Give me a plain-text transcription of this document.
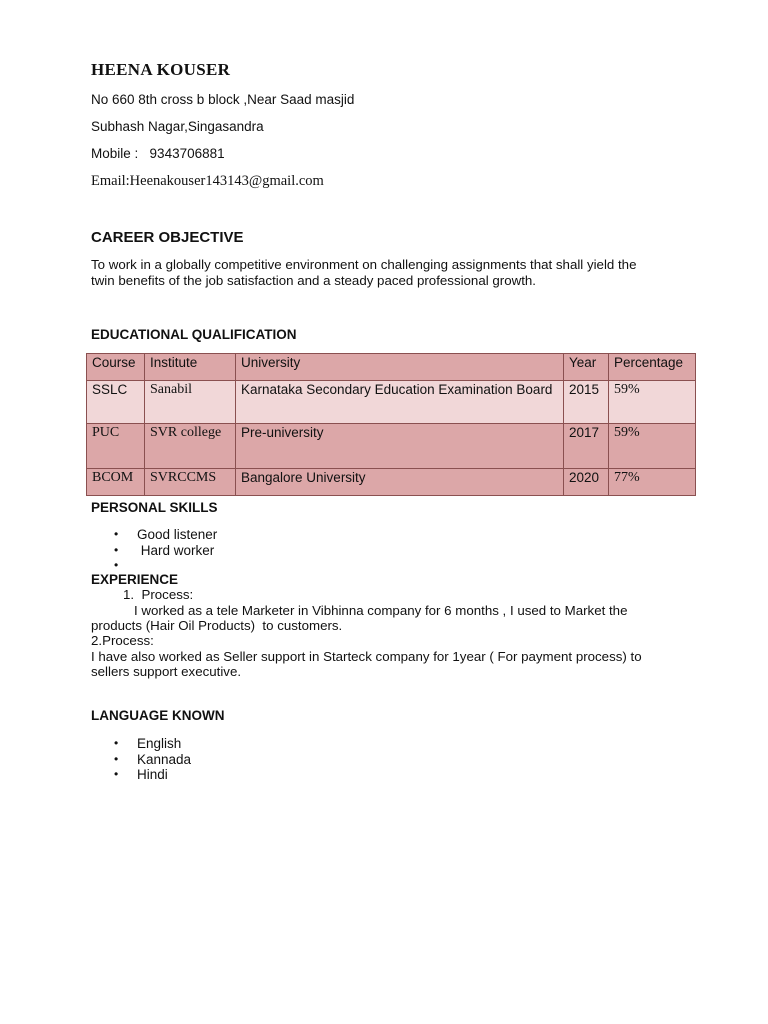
HEENA KOUSER
No 660 8th cross b block ,Near Saad masjid
Subhash Nagar,Singasandra
Mobile : 9343706881
Email:Heenakouser143143@gmail.com
CAREER OBJECTIVE
To work in a globally competitive environment on challenging assignments that shall yield the
twin benefits of the job satisfaction and a steady paced professional growth.
EDUCATIONAL QUALIFICATION
Course	Institute	University	Year	Percentage
SSLC	Sanabil	Karnataka Secondary Education Examination Board	2015	59%
PUC	SVR college	Pre-university	2017	59%
BCOM	SVRCCMS	Bangalore University	2020	77%
PERSONAL SKILLS
• Good listener
• Hard worker
•
EXPERIENCE
1.  Process:
I worked as a tele Marketer in Vibhinna company for 6 months , I used to Market the
products (Hair Oil Products)  to customers.
2.Process:
I have also worked as Seller support in Starteck company for 1year ( For payment process) to
sellers support executive.
LANGUAGE KNOWN
• English
• Kannada
• Hindi
